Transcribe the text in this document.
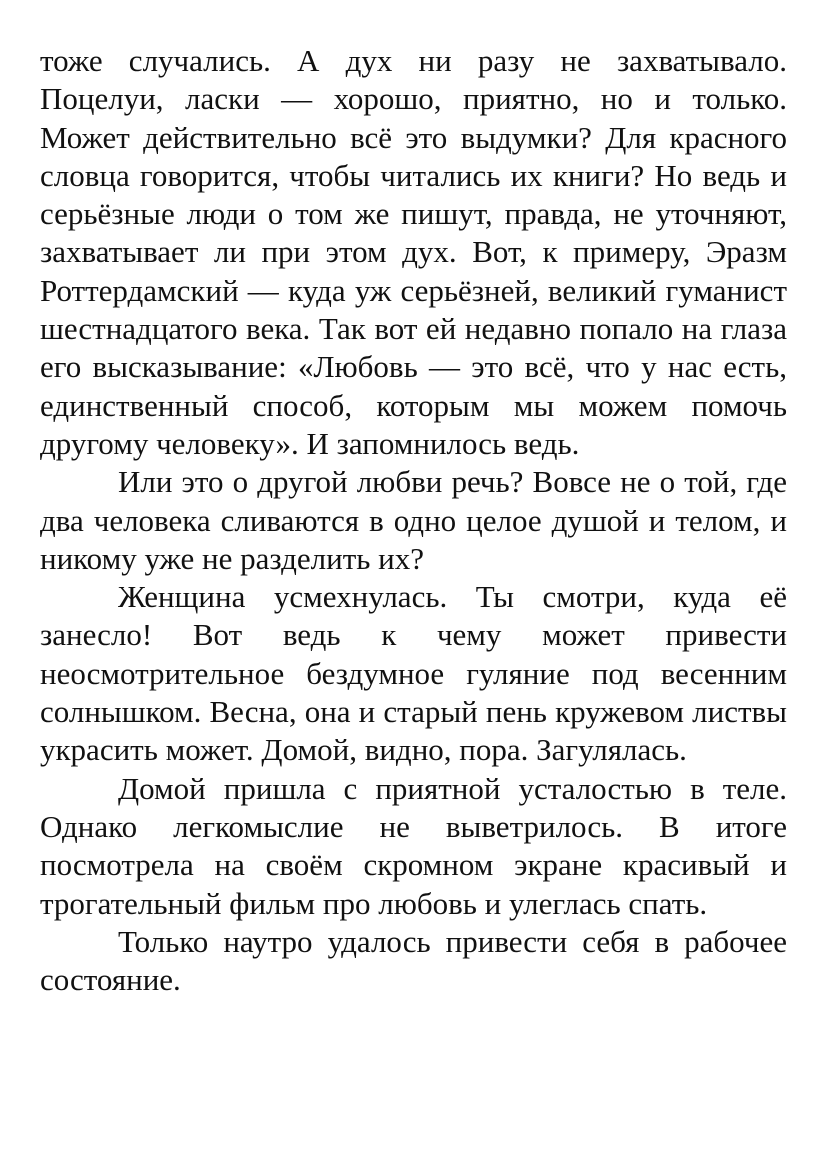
тоже случались. А дух ни разу не захватывало. Поцелуи, ласки — хорошо, приятно, но и только. Может действительно всё это выдумки? Для красного словца говорится, чтобы читались их книги? Но ведь и серьёзные люди о том же пишут, правда, не уточняют, захватывает ли при этом дух. Вот, к примеру, Эразм Роттердамский — куда уж серьёзней, великий гуманист шестнадцатого века. Так вот ей недавно попало на глаза его высказывание: «Любовь — это всё, что у нас есть, единственный способ, которым мы можем помочь другому человеку». И запомнилось ведь.

Или это о другой любви речь? Вовсе не о той, где два человека сливаются в одно целое душой и телом, и никому уже не разделить их?

Женщина усмехнулась. Ты смотри, куда её занесло! Вот ведь к чему может привести неосмотрительное бездумное гуляние под весенним солнышком. Весна, она и старый пень кружевом листвы украсить может. Домой, видно, пора. Загулялась.

Домой пришла с приятной усталостью в теле. Однако легкомыслие не выветрилось. В итоге посмотрела на своём скромном экране красивый и трогательный фильм про любовь и улеглась спать.

Только наутро удалось привести себя в рабочее состояние.
